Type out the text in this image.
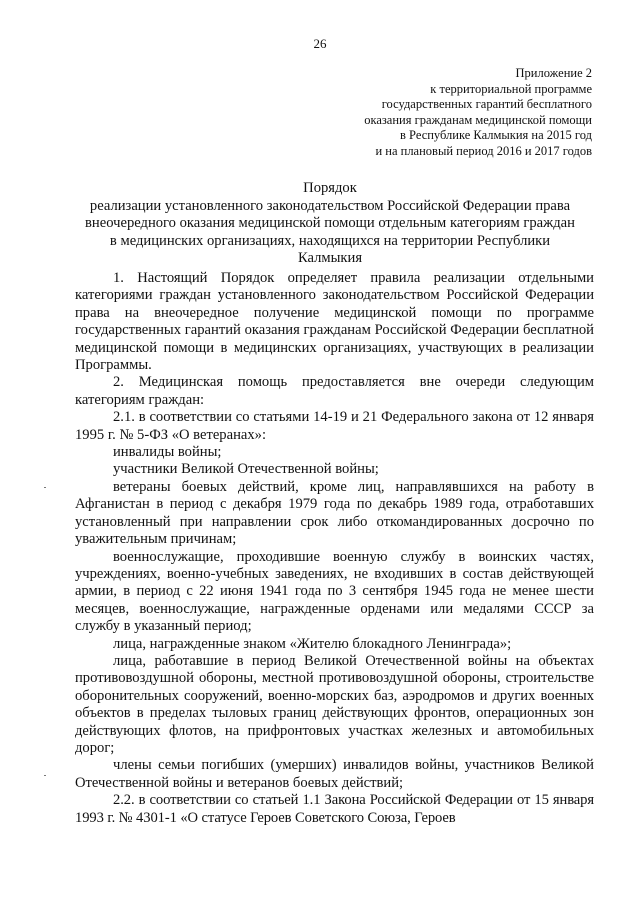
26
Приложение 2
к территориальной программе
государственных гарантий бесплатного
оказания гражданам медицинской помощи
в Республике Калмыкия на 2015 год
и на плановый период 2016 и 2017 годов
Порядок
реализации установленного законодательством Российской Федерации права
внеочередного оказания медицинской помощи отдельным категориям граждан
в медицинских организациях, находящихся на территории Республики
Калмыкия

1. Настоящий Порядок определяет правила реализации отдельными категориями граждан установленного законодательством Российской Федерации права на внеочередное получение медицинской помощи по программе государственных гарантий оказания гражданам Российской Федерации бесплатной медицинской помощи в медицинских организациях, участвующих в реализации Программы.

2. Медицинская помощь предоставляется вне очереди следующим категориям граждан:

2.1. в соответствии со статьями 14-19 и 21 Федерального закона от 12 января 1995 г. № 5-ФЗ «О ветеранах»:

инвалиды войны;

участники Великой Отечественной войны;

ветераны боевых действий, кроме лиц, направлявшихся на работу в Афганистан в период с декабря 1979 года по декабрь 1989 года, отработавших установленный при направлении срок либо откомандированных досрочно по уважительным причинам;

военнослужащие, проходившие военную службу в воинских частях, учреждениях, военно-учебных заведениях, не входивших в состав действующей армии, в период с 22 июня 1941 года по 3 сентября 1945 года не менее шести месяцев, военнослужащие, награжденные орденами или медалями СССР за службу в указанный период;

лица, награжденные знаком «Жителю блокадного Ленинграда»;

лица, работавшие в период Великой Отечественной войны на объектах противовоздушной обороны, местной противовоздушной обороны, строительстве оборонительных сооружений, военно-морских баз, аэродромов и других военных объектов в пределах тыловых границ действующих фронтов, операционных зон действующих флотов, на прифронтовых участках железных и автомобильных дорог;

члены семьи погибших (умерших) инвалидов войны, участников Великой Отечественной войны и ветеранов боевых действий;

2.2. в соответствии со статьей 1.1 Закона Российской Федерации от 15 января 1993 г. № 4301-1 «О статусе Героев Советского Союза, Героев
